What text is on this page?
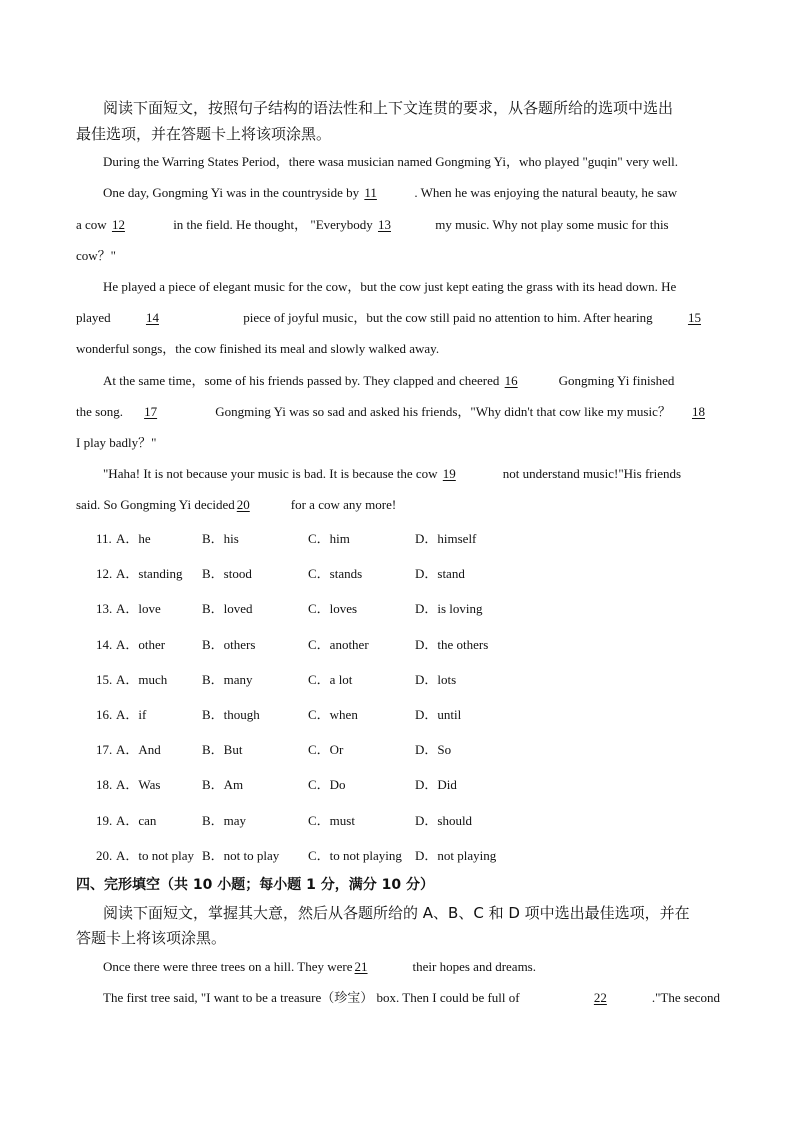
阅读下面短文，按照句子结构的语法性和上下文连贯的要求，从各题所给的选项中选出
最佳选项，并在答题卡上将该项涂黑。
During the Warring States Period，there wasa musician named Gongming Yi，who played "guqin" very well.
One day, Gongming Yi was in the countryside by 11	. When he was enjoying the natural beauty, he saw
a cow 12	in the field. He thought， "Everybody 13	my music. Why not play some music for this
cow？"
He played a piece of elegant music for the cow，but the cow just kept eating the grass with its head down. He
played	14	piece of joyful music，but the cow still paid no attention to him. After hearing	15
wonderful songs，the cow finished its meal and slowly walked away.
At the same time，some of his friends passed by. They clapped and cheered 16	Gongming Yi finished
the song. 17	Gongming Yi was so sad and asked his friends，"Why didn't that cow like my music？ 18
I play badly？"
"Haha! It is not because your music is bad. It is because the cow 19	not understand music!"His friends
said. So Gongming Yi decided 20	for a cow any more!
11. A．he	B．his	C．him	D．himself
12. A．standing B．stood	C．stands	D．stand
13. A．love	B．loved	C．loves	D．is loving
14. A．other	B．others	C．another	D．the others
15. A．much	B．many	C．a lot	D．lots
16. A．if	B．though	C．when	D．until
17. A．And	B．But	C．Or	D．So
18. A．Was	B．Am	C．Do	D．Did
19. A．can	B．may	C．must	D．should
20. A．to not play B．not to play C．to not playing D．not playing
四、完形填空（共 10 小题；每小题 1 分，满分 10 分）
阅读下面短文，掌握其大意，然后从各题所给的 A、B、C 和 D 项中选出最佳选项，并在
答题卡上将该项涂黑。
Once there were three trees on a hill. They were 21	their hopes and dreams.
The first tree said, "I want to be a treasure（珍宝） box. Then I could be full of	22	."The second
